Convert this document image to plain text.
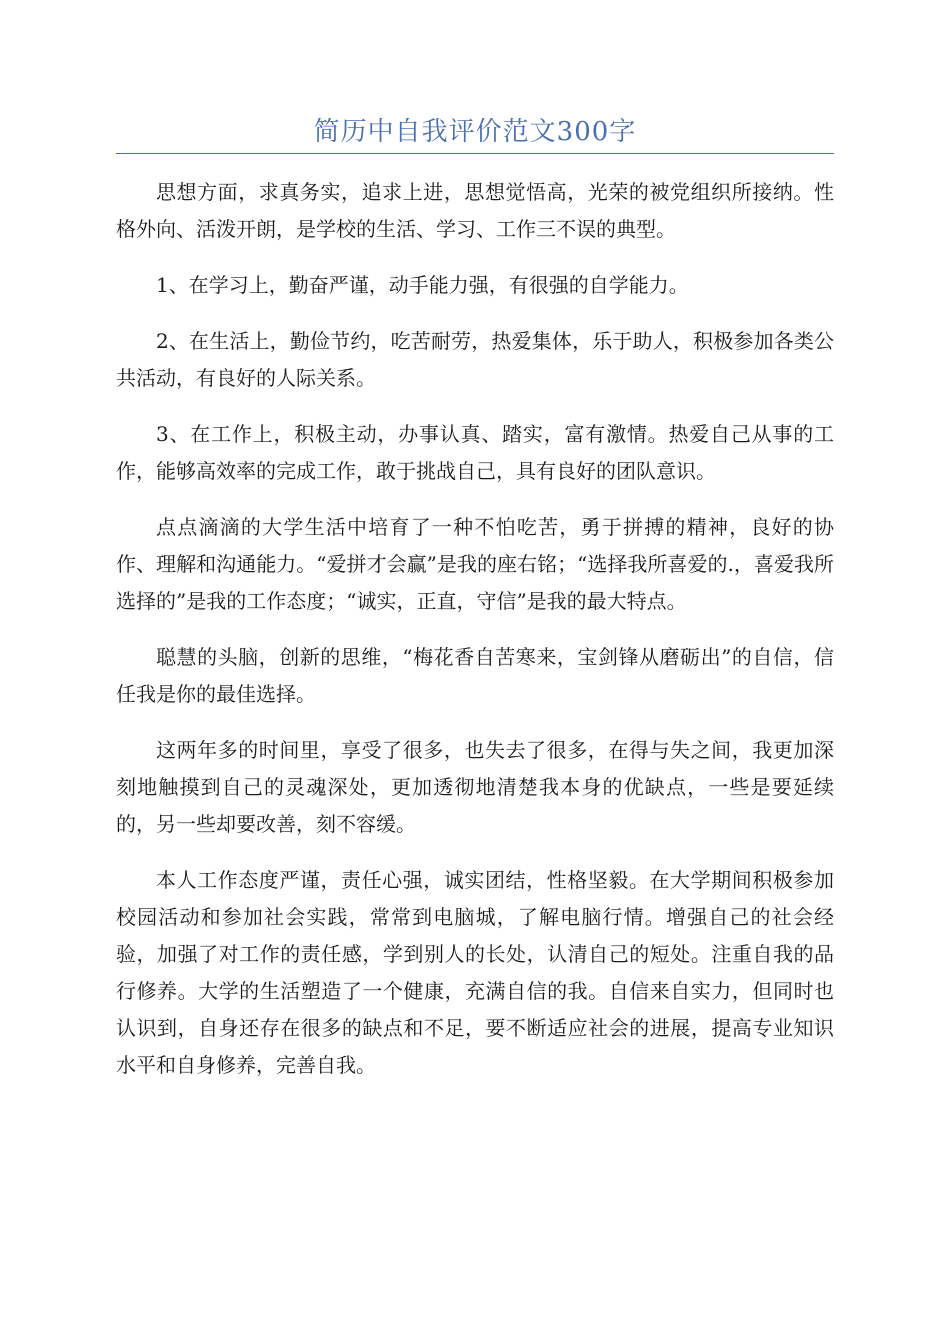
简历中自我评价范文300字

思想方面，求真务实，追求上进，思想觉悟高，光荣的被党组织所接纳。性格外向、活泼开朗，是学校的生活、学习、工作三不误的典型。

1、在学习上，勤奋严谨，动手能力强，有很强的自学能力。

2、在生活上，勤俭节约，吃苦耐劳，热爱集体，乐于助人，积极参加各类公共活动，有良好的人际关系。

3、在工作上，积极主动，办事认真、踏实，富有激情。热爱自己从事的工作，能够高效率的完成工作，敢于挑战自己，具有良好的团队意识。

点点滴滴的大学生活中培育了一种不怕吃苦，勇于拼搏的精神，良好的协作、理解和沟通能力。“爱拼才会赢”是我的座右铭；“选择我所喜爱的.，喜爱我所选择的”是我的工作态度；“诚实，正直，守信”是我的最大特点。

聪慧的头脑，创新的思维，“梅花香自苦寒来，宝剑锋从磨砺出”的自信，信任我是你的最佳选择。

这两年多的时间里，享受了很多，也失去了很多，在得与失之间，我更加深刻地触摸到自己的灵魂深处，更加透彻地清楚我本身的优缺点，一些是要延续的，另一些却要改善，刻不容缓。

本人工作态度严谨，责任心强，诚实团结，性格坚毅。在大学期间积极参加校园活动和参加社会实践，常常到电脑城，了解电脑行情。增强自己的社会经验，加强了对工作的责任感，学到别人的长处，认清自己的短处。注重自我的品行修养。大学的生活塑造了一个健康，充满自信的我。自信来自实力，但同时也认识到，自身还存在很多的缺点和不足，要不断适应社会的进展，提高专业知识水平和自身修养，完善自我。
